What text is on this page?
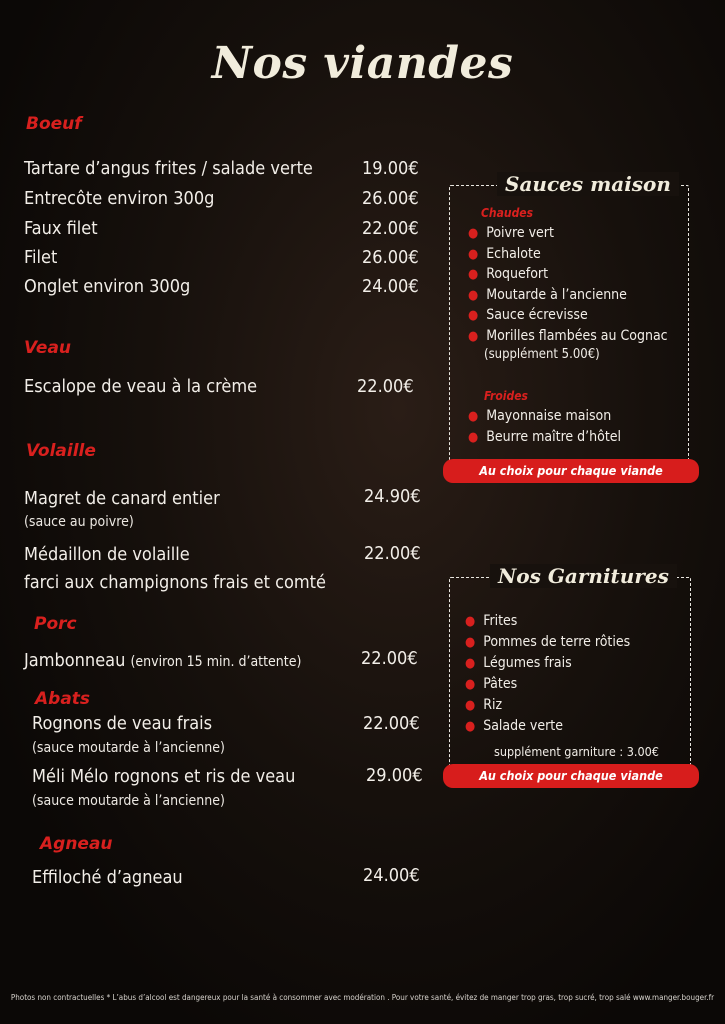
Nos viandes
Boeuf
Tartare d’angus frites / salade verte	19.00€
Entrecôte environ 300g	26.00€
Faux filet	22.00€
Filet	26.00€
Onglet environ 300g	24.00€
Veau
Escalope de veau à la crème	22.00€
Volaille
Magret de canard entier	24.90€
(sauce au poivre)
Médaillon de volaille	22.00€
farci aux champignons frais et comté
Porc
Jambonneau (environ 15 min. d’attente)	22.00€
Abats
Rognons de veau frais	22.00€
(sauce moutarde à l’ancienne)
Méli Mélo rognons et ris de veau	29.00€
(sauce moutarde à l’ancienne)
Agneau
Effiloché d’agneau	24.00€
Sauces maison
Chaudes
● Poivre vert
● Echalote
● Roquefort
● Moutarde à l’ancienne
● Sauce écrevisse
● Morilles flambées au Cognac
(supplément 5.00€)
Froides
● Mayonnaise maison
● Beurre maître d’hôtel
Au choix pour chaque viande
Nos Garnitures
● Frites
● Pommes de terre rôties
● Légumes frais
● Pâtes
● Riz
● Salade verte
supplément garniture : 3.00€
Au choix pour chaque viande
Photos non contractuelles * L’abus d’alcool est dangereux pour la santé à consommer avec modération . Pour votre santé, évitez de manger trop gras, trop sucré, trop salé www.manger.bouger.fr
